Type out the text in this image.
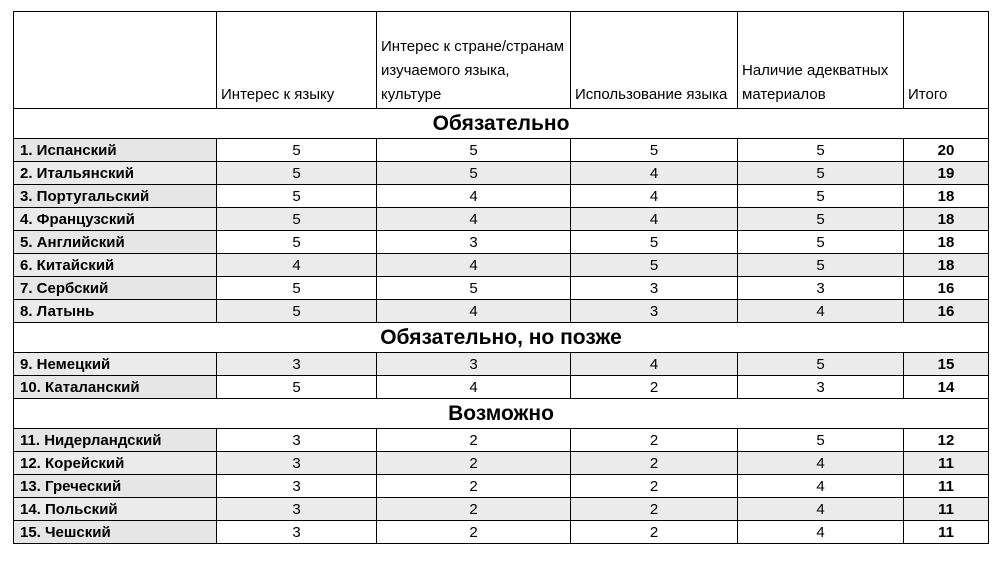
	Интерес к языку	Интерес к стране/странам изучаемого языка, культуре	Использование языка	Наличие адекватных материалов	Итого
Обязательно					
1. Испанский	5	5	5	5	20
2. Итальянский	5	5	4	5	19
3. Португальский	5	4	4	5	18
4. Французский	5	4	4	5	18
5. Английский	5	3	5	5	18
6. Китайский	4	4	5	5	18
7. Сербский	5	5	3	3	16
8. Латынь	5	4	3	4	16
Обязательно, но позже					
9. Немецкий	3	3	4	5	15
10. Каталанский	5	4	2	3	14
Возможно					
11. Нидерландский	3	2	2	5	12
12. Корейский	3	2	2	4	11
13. Греческий	3	2	2	4	11
14. Польский	3	2	2	4	11
15. Чешский	3	2	2	4	11
